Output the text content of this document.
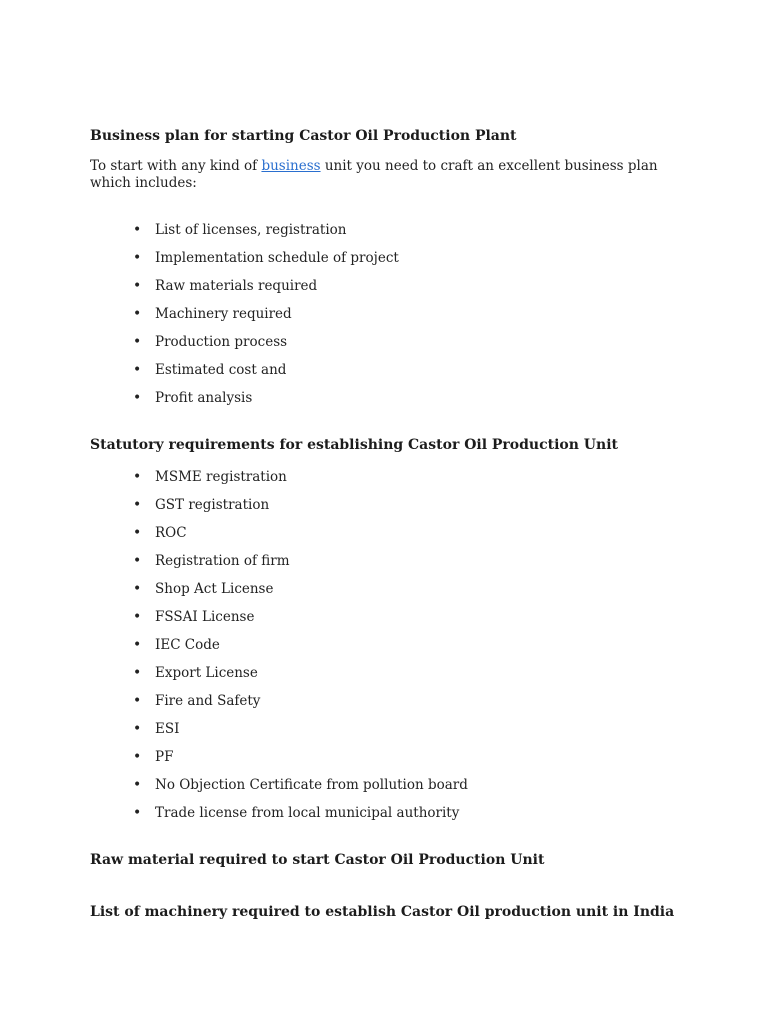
Business plan for starting Castor Oil Production Plant

To start with any kind of business unit you need to craft an excellent business plan which includes:

• List of licenses, registration
• Implementation schedule of project
• Raw materials required
• Machinery required
• Production process
• Estimated cost and
• Profit analysis
Statutory requirements for establishing Castor Oil Production Unit
• MSME registration
• GST registration
• ROC
• Registration of firm
• Shop Act License
• FSSAI License
• IEC Code
• Export License
• Fire and Safety
• ESI
• PF
• No Objection Certificate from pollution board
• Trade license from local municipal authority
Raw material required to start Castor Oil Production Unit
List of machinery required to establish Castor Oil production unit in India
